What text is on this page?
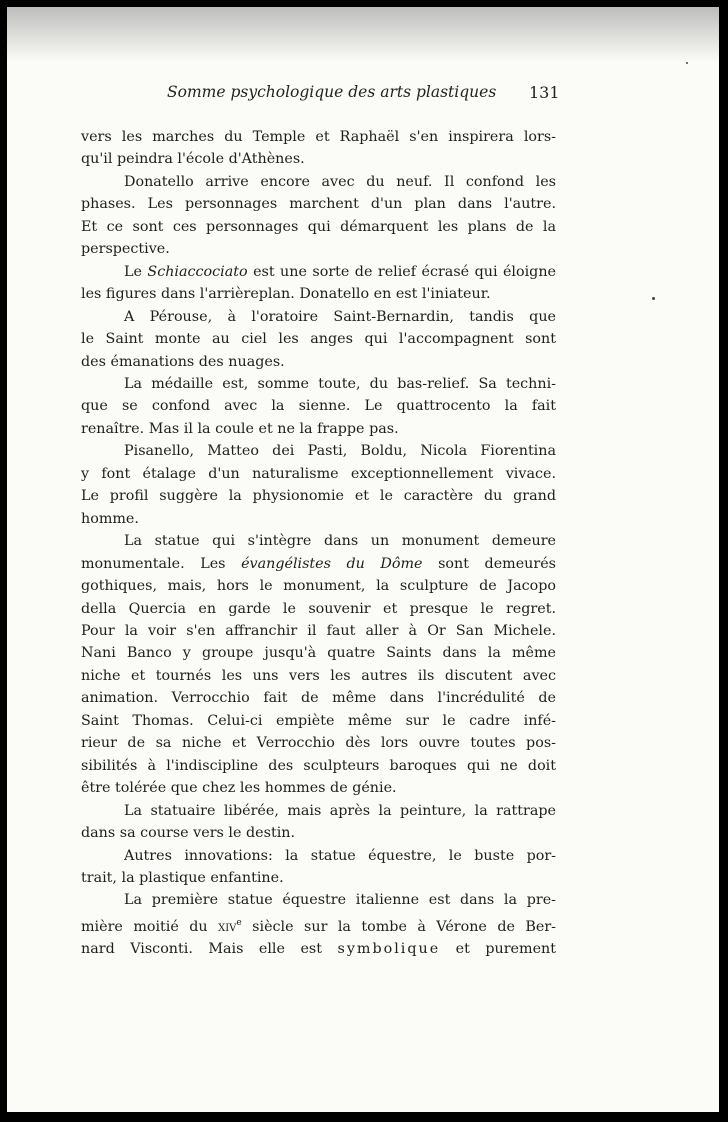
Somme psychologique des arts plastiques 131
vers les marches du Temple et Raphaël s'en inspirera lors-
qu'il peindra l'école d'Athènes.
Donatello arrive encore avec du neuf. Il confond les
phases. Les personnages marchent d'un plan dans l'autre.
Et ce sont ces personnages qui démarquent les plans de la
perspective.
Le Schiaccociato est une sorte de relief écrasé qui éloigne
les figures dans l'arrièreplan. Donatello en est l'iniateur.
A Pérouse, à l'oratoire Saint-Bernardin, tandis que
le Saint monte au ciel les anges qui l'accompagnent sont
des émanations des nuages.
La médaille est, somme toute, du bas-relief. Sa techni-
que se confond avec la sienne. Le quattrocento la fait
renaître. Mas il la coule et ne la frappe pas.
Pisanello, Matteo dei Pasti, Boldu, Nicola Fiorentina
y font étalage d'un naturalisme exceptionnellement vivace.
Le profil suggère la physionomie et le caractère du grand
homme.
La statue qui s'intègre dans un monument demeure
monumentale. Les évangélistes du Dôme sont demeurés
gothiques, mais, hors le monument, la sculpture de Jacopo
della Quercia en garde le souvenir et presque le regret.
Pour la voir s'en affranchir il faut aller à Or San Michele.
Nani Banco y groupe jusqu'à quatre Saints dans la même
niche et tournés les uns vers les autres ils discutent avec
animation. Verrocchio fait de même dans l'incrédulité de
Saint Thomas. Celui-ci empiète même sur le cadre infé-
rieur de sa niche et Verrocchio dès lors ouvre toutes pos-
sibilités à l'indiscipline des sculpteurs baroques qui ne doit
être tolérée que chez les hommes de génie.
La statuaire libérée, mais après la peinture, la rattrape
dans sa course vers le destin.
Autres innovations: la statue équestre, le buste por-
trait, la plastique enfantine.
La première statue équestre italienne est dans la pre-
mière moitié du xiv$^e$ siècle sur la tombe à Vérone de Ber-
nard Visconti. Mais elle est symbolique et purement
